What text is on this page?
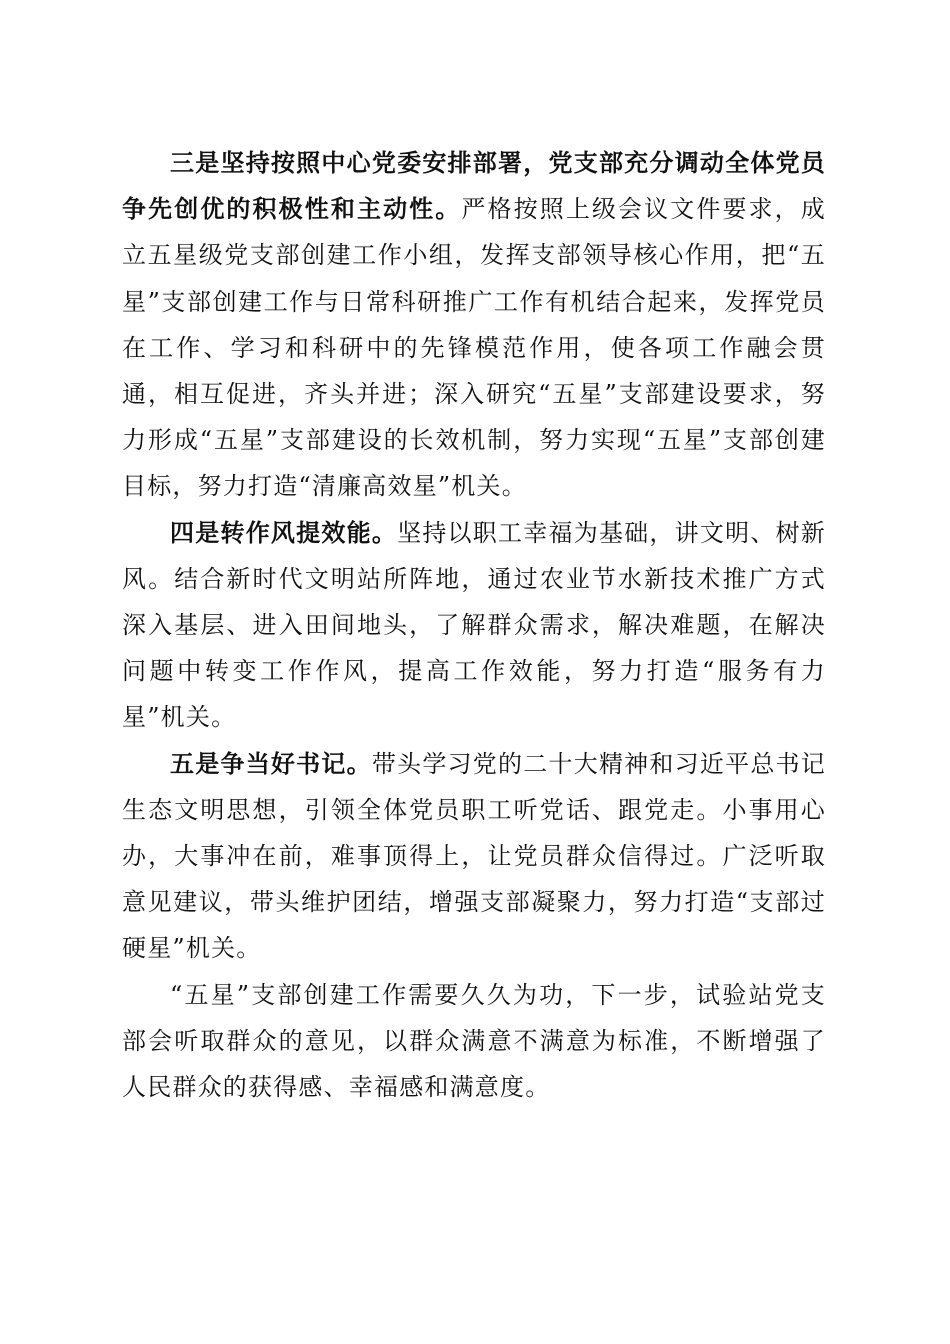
三是坚持按照中心党委安排部署，党支部充分调动全体党员争先创优的积极性和主动性。严格按照上级会议文件要求，成立五星级党支部创建工作小组，发挥支部领导核心作用，把“五星”支部创建工作与日常科研推广工作有机结合起来，发挥党员在工作、学习和科研中的先锋模范作用，使各项工作融会贯通，相互促进，齐头并进；深入研究“五星”支部建设要求，努力形成“五星”支部建设的长效机制，努力实现“五星”支部创建目标，努力打造“清廉高效星”机关。

四是转作风提效能。坚持以职工幸福为基础，讲文明、树新风。结合新时代文明站所阵地，通过农业节水新技术推广方式深入基层、进入田间地头，了解群众需求，解决难题，在解决问题中转变工作作风，提高工作效能，努力打造“服务有力星”机关。

五是争当好书记。带头学习党的二十大精神和习近平总书记生态文明思想，引领全体党员职工听党话、跟党走。小事用心办，大事冲在前，难事顶得上，让党员群众信得过。广泛听取意见建议，带头维护团结，增强支部凝聚力，努力打造“支部过硬星”机关。

“五星”支部创建工作需要久久为功，下一步，试验站党支部会听取群众的意见，以群众满意不满意为标准，不断增强了人民群众的获得感、幸福感和满意度。
